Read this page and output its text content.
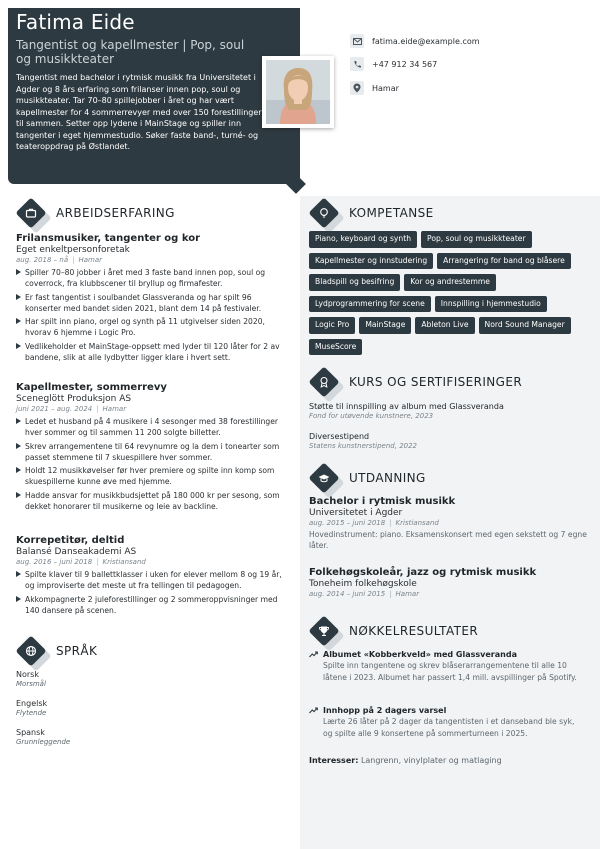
Fatima Eide
Tangentist og kapellmester | Pop, soul og musikkteater

Tangentist med bachelor i rytmisk musikk fra Universitetet i Agder og 8 års erfaring som frilanser innen pop, soul og musikkteater. Tar 70–80 spillejobber i året og har vært kapellmester for 4 sommerrevyer med over 150 forestillinger til sammen. Setter opp lydene i MainStage og spiller inn tangenter i eget hjemmestudio. Søker faste band-, turné- og teateroppdrag på Østlandet.

fatima.eide@example.com
+47 912 34 567
Hamar
ARBEIDSERFARING
Frilansmusiker, tangenter og kor
Eget enkeltpersonforetak
aug. 2018 – nå | Hamar
Spiller 70–80 jobber i året med 3 faste band innen pop, soul og coverrock, fra klubbscener til bryllup og firmafester.
Er fast tangentist i soulbandet Glassveranda og har spilt 96 konserter med bandet siden 2021, blant dem 14 på festivaler.
Har spilt inn piano, orgel og synth på 11 utgivelser siden 2020, hvorav 6 hjemme i Logic Pro.
Vedlikeholder et MainStage-oppsett med lyder til 120 låter for 2 av bandene, slik at alle lydbytter ligger klare i hvert sett.
Kapellmester, sommerrevy
Sceneglött Produksjon AS
juni 2021 – aug. 2024 | Hamar
Ledet et husband på 4 musikere i 4 sesonger med 38 forestillinger hver sommer og til sammen 11 200 solgte billetter.
Skrev arrangementene til 64 revynumre og la dem i tonearter som passet stemmene til 7 skuespillere hver sommer.
Holdt 12 musikkøvelser før hver premiere og spilte inn komp som skuespillerne kunne øve med hjemme.
Hadde ansvar for musikkbudsjettet på 180 000 kr per sesong, som dekket honorarer til musikerne og leie av backline.
Korrepetitør, deltid
Balansé Danseakademi AS
aug. 2016 – juni 2018 | Kristiansand
Spilte klaver til 9 ballettklasser i uken for elever mellom 8 og 19 år, og improviserte det meste ut fra tellingen til pedagogen.
Akkompagnerte 2 juleforestillinger og 2 sommeroppvisninger med 140 dansere på scenen.
SPRÅK
Norsk
Morsmål
Engelsk
Flytende
Spansk
Grunnleggende
KOMPETANSE
Piano, keyboard og synth	Pop, soul og musikkteater
Kapellmester og innstudering	Arrangering for band og blåsere
Bladspill og besifring	Kor og andrestemme
Lydprogrammering for scene	Innspilling i hjemmestudio
Logic Pro	MainStage	Ableton Live	Nord Sound Manager
MuseScore
KURS OG SERTIFISERINGER
Støtte til innspilling av album med Glassveranda
Fond for utøvende kunstnere, 2023
Diversestipend
Statens kunstnerstipend, 2022
UTDANNING
Bachelor i rytmisk musikk
Universitetet i Agder
aug. 2015 – juni 2018 | Kristiansand
Hovedinstrument: piano. Eksamenskonsert med egen sekstett og 7 egne låter.
Folkehøgskoleår, jazz og rytmisk musikk
Toneheim folkehøgskole
aug. 2014 – juni 2015 | Hamar
NØKKELRESULTATER
Albumet «Kobberkveld» med Glassveranda
Spilte inn tangentene og skrev blåserarrangementene til alle 10 låtene i 2023. Albumet har passert 1,4 mill. avspillinger på Spotify.
Innhopp på 2 dagers varsel
Lærte 26 låter på 2 dager da tangentisten i et danseband ble syk, og spilte alle 9 konsertene på sommerturneen i 2025.
Interesser: Langrenn, vinylplater og matlaging
